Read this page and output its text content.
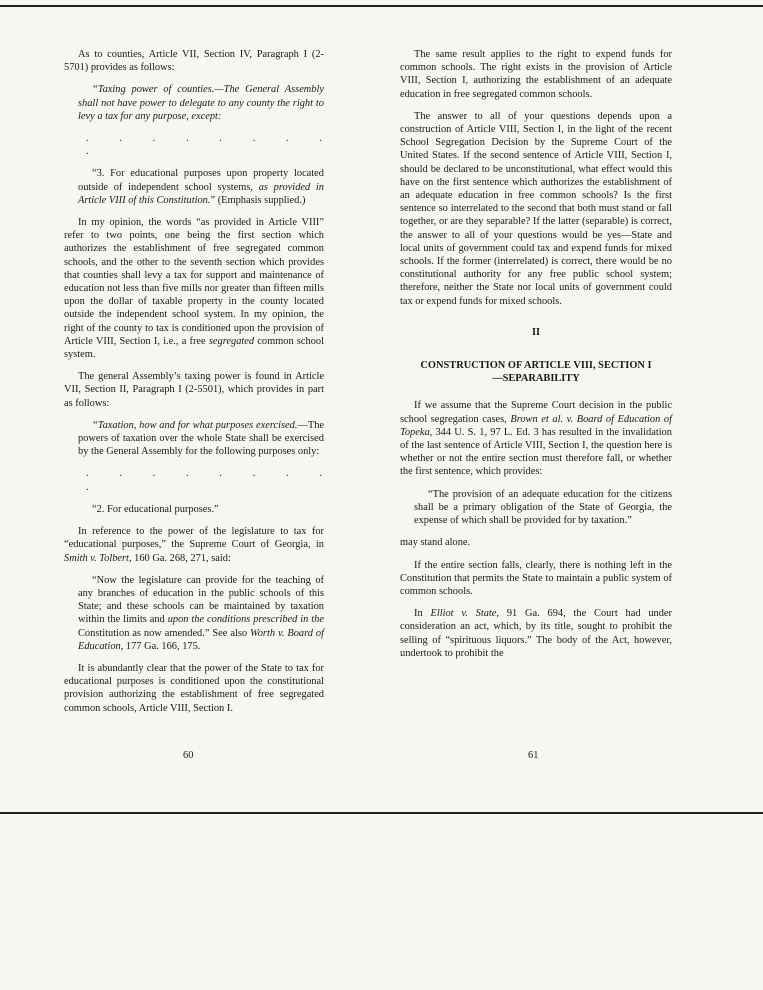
As to counties, Article VII, Section IV, Paragraph I (2-5701) provides as follows:

“Taxing power of counties.—The General Assembly shall not have power to delegate to any county the right to levy a tax for any purpose, except:

. . . . . . . . .

“3. For educational purposes upon property located outside of independent school systems, as provided in Article VIII of this Constitution.” (Emphasis supplied.)

In my opinion, the words “as provided in Article VIII” refer to two points, one being the first section which authorizes the establishment of free segregated common schools, and the other to the seventh section which provides that counties shall levy a tax for support and maintenance of education not less than five mills nor greater than fifteen mills upon the dollar of taxable property in the county located outside the independent school system. In my opinion, the right of the county to tax is conditioned upon the provision of Article VIII, Section I, i.e., a free segregated common school system.

The general Assembly’s taxing power is found in Article VII, Section II, Paragraph I (2-5501), which provides in part as follows:

“Taxation, how and for what purposes exercised.—The powers of taxation over the whole State shall be exercised by the General Assembly for the following purposes only:

. . . . . . . . .

“2. For educational purposes.”

In reference to the power of the legislature to tax for “educational purposes,” the Supreme Court of Georgia, in Smith v. Tolbert, 160 Ga. 268, 271, said:

“Now the legislature can provide for the teaching of any branches of education in the public schools of this State; and these schools can be maintained by taxation within the limits and upon the conditions prescribed in the Constitution as now amended.” See also Worth v. Board of Education, 177 Ga. 166, 175.

It is abundantly clear that the power of the State to tax for educational purposes is conditioned upon the constitutional provision authorizing the establishment of free segregated common schools, Article VIII, Section I.

60

The same result applies to the right to expend funds for common schools. The right exists in the provision of Article VIII, Section I, authorizing the establishment of an adequate education in free segregated common schools.

The answer to all of your questions depends upon a construction of Article VIII, Section I, in the light of the recent School Segregation Decision by the Supreme Court of the United States. If the second sentence of Article VIII, Section I, should be declared to be unconstitutional, what effect would this have on the first sentence which authorizes the establishment of an adequate education in free common schools? Is the first sentence so interrelated to the second that both must stand or fall together, or are they separable? If the latter (separable) is correct, the answer to all of your questions would be yes—State and local units of government could tax and expend funds for mixed schools. If the former (interrelated) is correct, there would be no constitutional authority for any free public school system; therefore, neither the State nor local units of government could tax or expend funds for mixed schools.

II
CONSTRUCTION OF ARTICLE VIII, SECTION I
—SEPARABILITY

If we assume that the Supreme Court decision in the public school segregation cases, Brown et al. v. Board of Education of Topeka, 344 U. S. 1, 97 L. Ed. 3 has resulted in the invalidation of the last sentence of Article VIII, Section I, the question here is whether or not the entire section must therefore fall, or whether the first sentence, which provides:

“The provision of an adequate education for the citizens shall be a primary obligation of the State of Georgia, the expense of which shall be provided for by taxation.”

may stand alone.

If the entire section falls, clearly, there is nothing left in the Constitution that permits the State to maintain a public system of common schools.

In Elliot v. State, 91 Ga. 694, the Court had under consideration an act, which, by its title, sought to prohibit the selling of “spirituous liquors.” The body of the Act, however, undertook to prohibit the

61
